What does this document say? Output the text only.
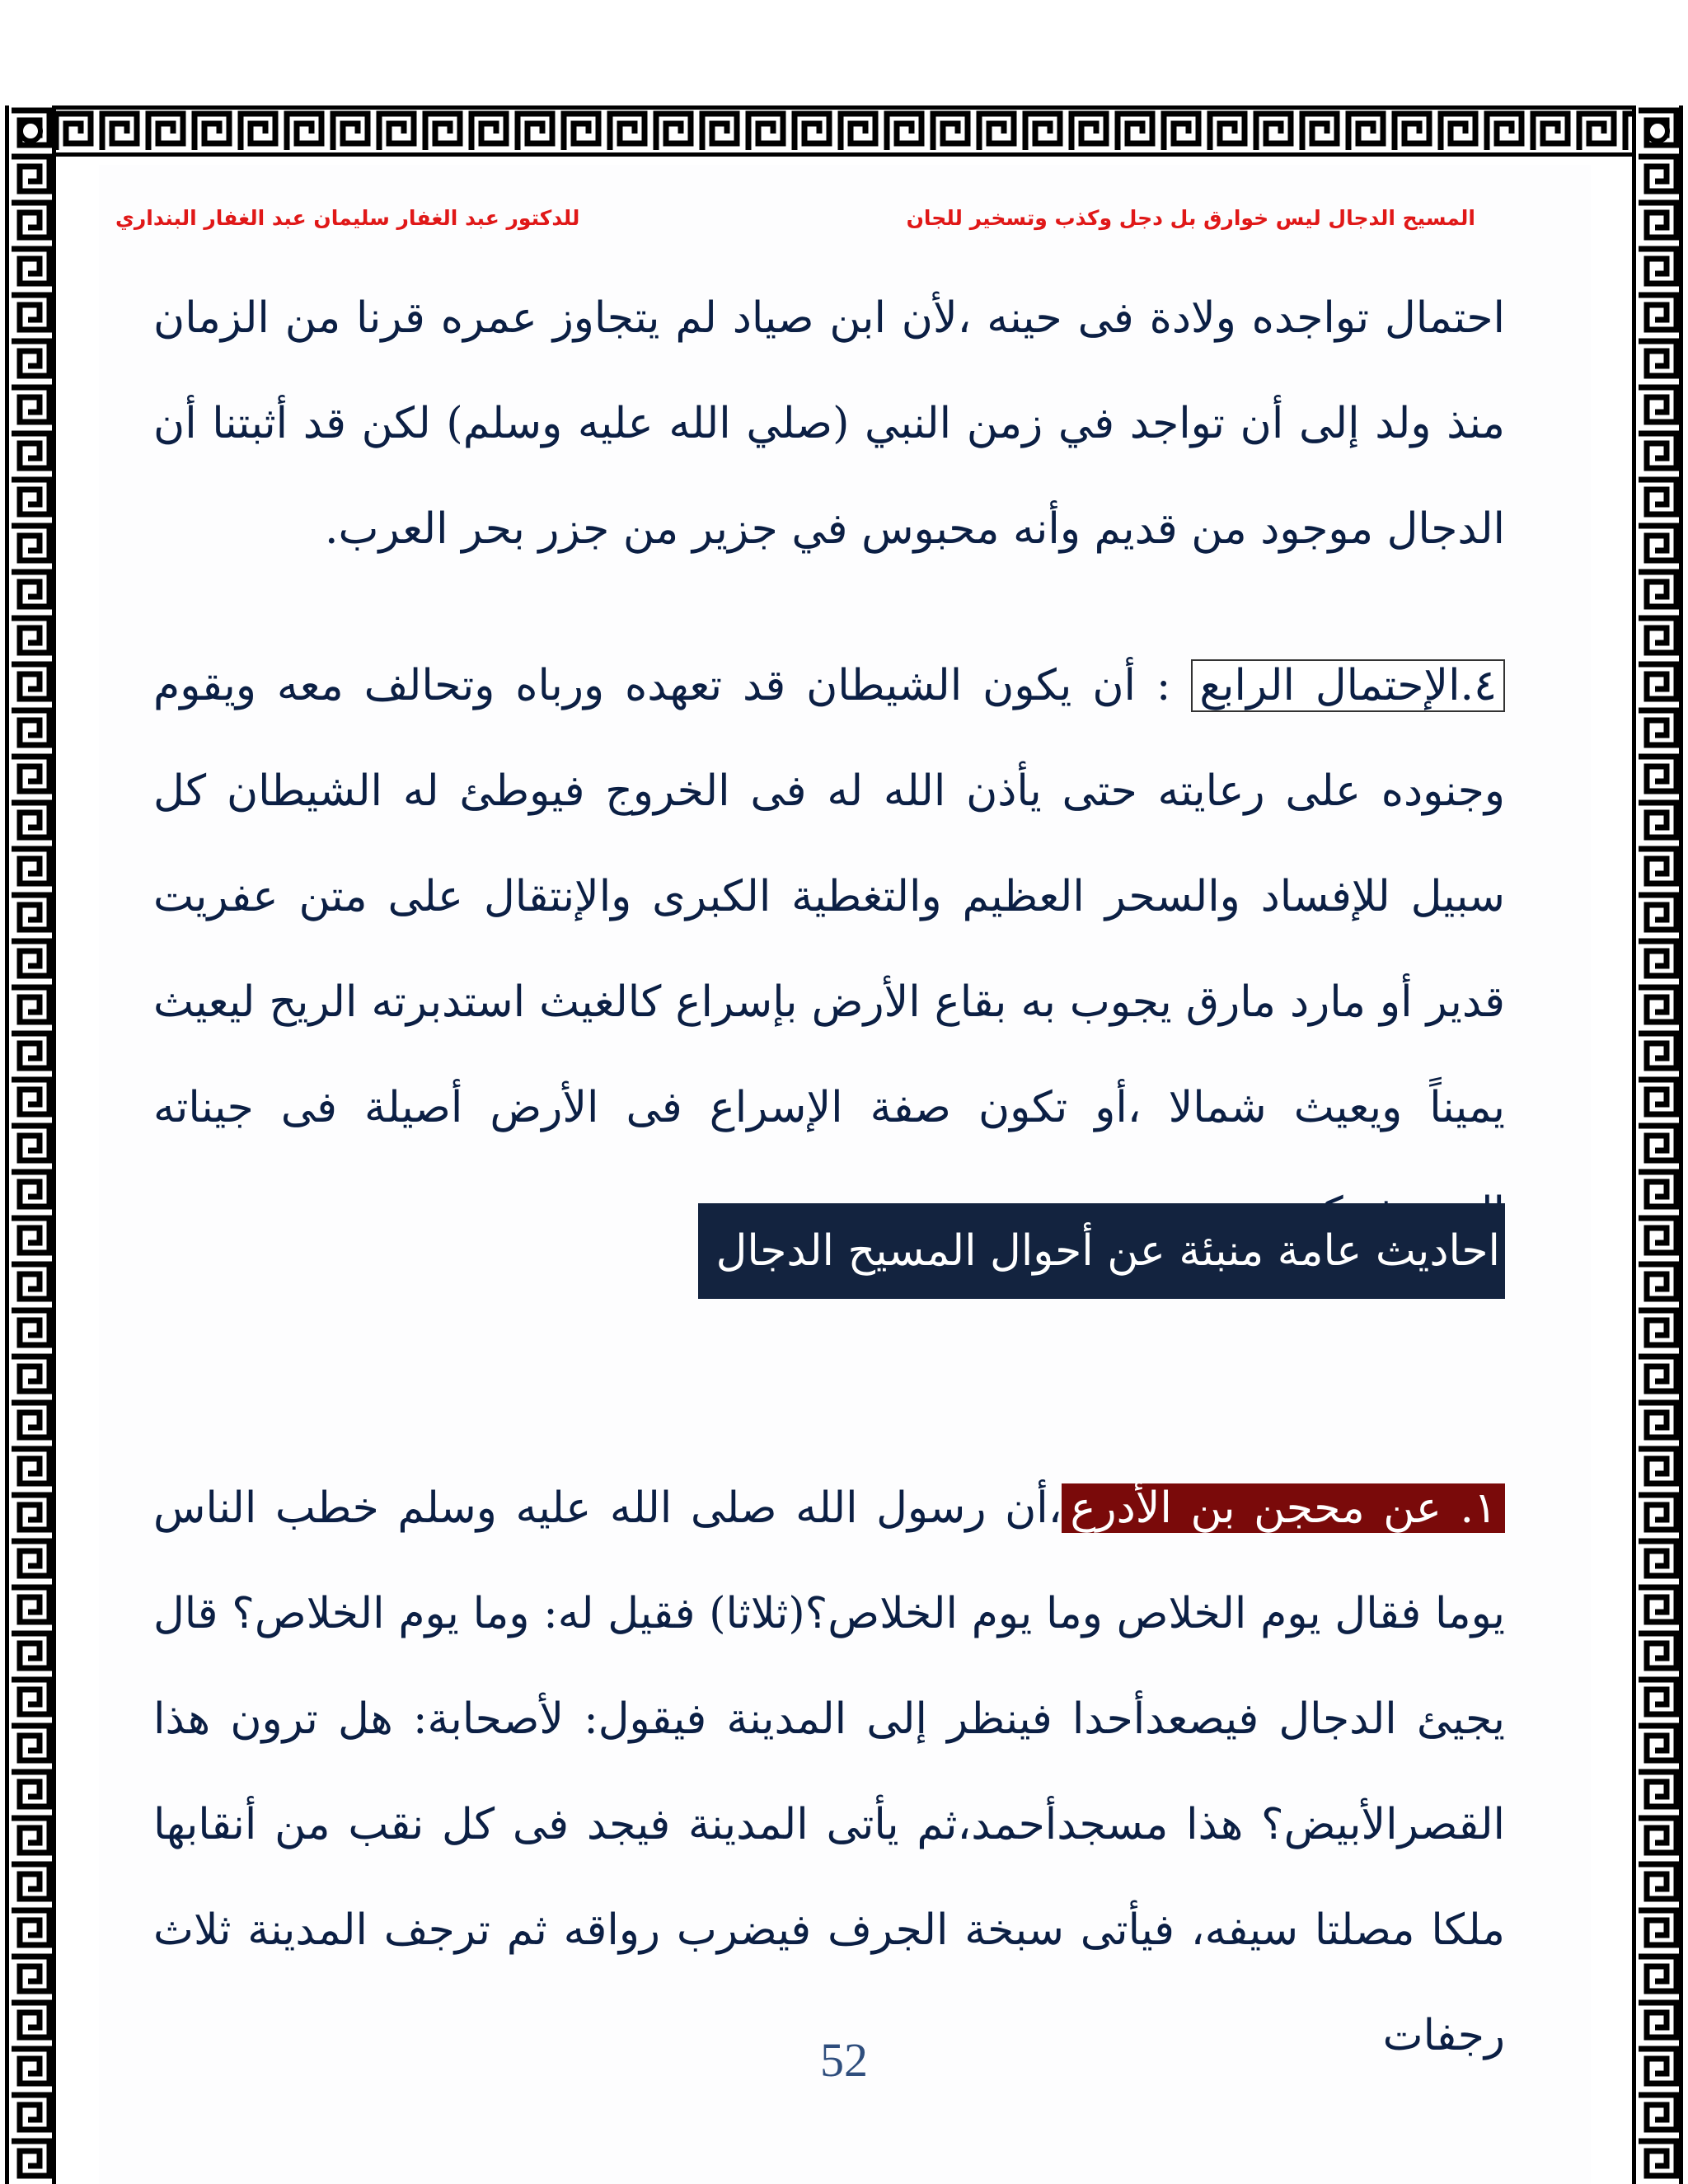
المسيح الدجال ليس خوارق بل دجل وكذب وتسخير للجان
للدكتور عبد الغفار سليمان عبد الغفار البنداري
احتمال تواجده ولادة فى حينه ،لأن ابن صياد لم يتجاوز عمره قرنا من الزمان منذ ولد إلى أن تواجد في زمن النبي (صلي الله عليه وسلم) لكن قد أثبتنا أن الدجال موجود من قديم وأنه محبوس في جزير من جزر بحر العرب.
٤.الإحتمال الرابع : أن يكون الشيطان قد تعهده ورباه وتحالف معه ويقوم وجنوده على رعايته حتى يأذن الله له فى الخروج فيوطئ له الشيطان كل سبيل للإفساد والسحر العظيم والتغطية الكبرى والإنتقال على متن عفريت قدير أو مارد مارق يجوب به بقاع الأرض بإسراع كالغيث استدبرته الريح ليعيث يميناً ويعيث شمالا ،أو تكون صفة الإسراع فى الأرض أصيلة فى جيناته
احاديث عامة منبئة عن أحوال المسيح الدجال
١. عن محجن بن الأدرع،أن رسول الله صلى الله عليه وسلم خطب الناس يوما فقال يوم الخلاص وما يوم الخلاص؟(ثلاثا) فقيل له: وما يوم الخلاص؟ قال يجيئ الدجال فيصعدأحدا فينظر إلى المدينة فيقول: لأصحابة: هل ترون هذا القصرالأبيض؟ هذا مسجدأحمد،ثم يأتى المدينة فيجد فى كل نقب من أنقابها ملكا مصلتا سيفه، فيأتى سبخة الجرف فيضرب رواقه ثم ترجف المدينة ثلاث رجفات
52
